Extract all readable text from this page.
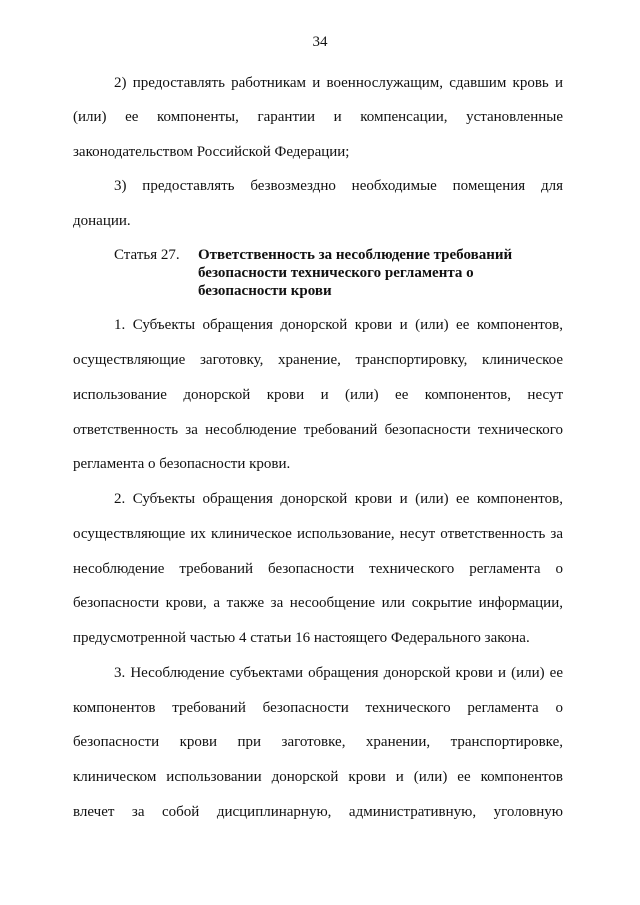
34
2) предоставлять работникам и военнослужащим, сдавшим кровь и
(или) ее компоненты, гарантии и компенсации, установленные
законодательством Российской Федерации;
3) предоставлять безвозмездно необходимые помещения для
донации.
Статья 27. Ответственность за несоблюдение требований
безопасности технического регламента о
безопасности крови
1. Субъекты обращения донорской крови и (или) ее компонентов,
осуществляющие заготовку, хранение, транспортировку, клиническое
использование донорской крови и (или) ее компонентов, несут
ответственность за несоблюдение требований безопасности технического
регламента о безопасности крови.
2. Субъекты обращения донорской крови и (или) ее компонентов,
осуществляющие их клиническое использование, несут ответственность за
несоблюдение требований безопасности технического регламента о
безопасности крови, а также за несообщение или сокрытие информации,
предусмотренной частью 4 статьи 16 настоящего Федерального закона.
3. Несоблюдение субъектами обращения донорской крови и (или) ее
компонентов требований безопасности технического регламента о
безопасности крови при заготовке, хранении, транспортировке,
клиническом использовании донорской крови и (или) ее компонентов
влечет за собой дисциплинарную, административную, уголовную
